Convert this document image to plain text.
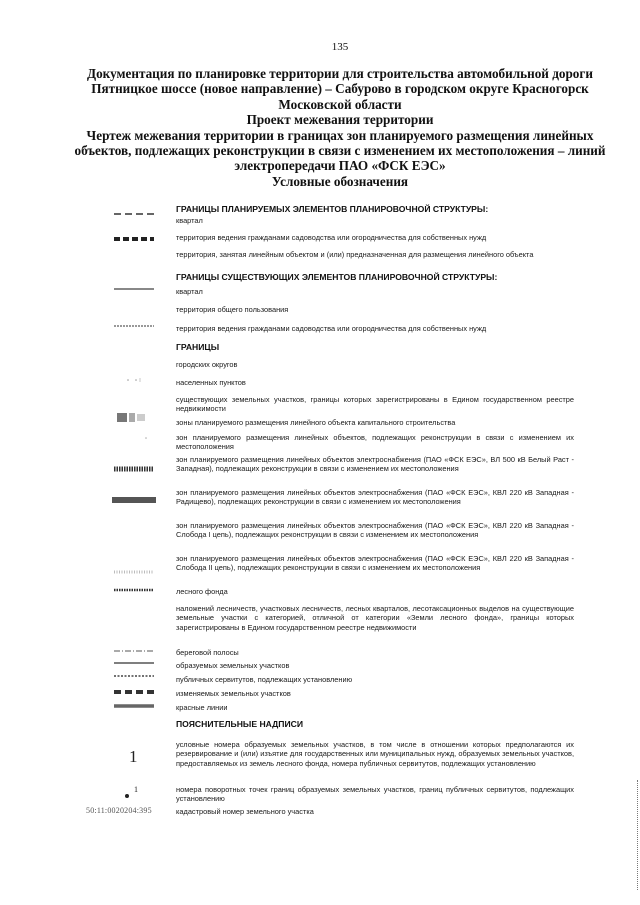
135
Документация по планировке территории для строительства автомобильной дороги
Пятницкое шоссе (новое направление) – Сабурово в городском округе Красногорск
Московской области
Проект межевания территории
Чертеж межевания территории в границах зон планируемого размещения линейных
объектов, подлежащих реконструкции в связи с изменением их местоположения – линий
электропередачи ПАО «ФСК ЕЭС»
Условные обозначения
ГРАНИЦЫ ПЛАНИРУЕМЫХ ЭЛЕМЕНТОВ ПЛАНИРОВОЧНОЙ СТРУКТУРЫ:
квартал
территория ведения гражданами садоводства или огородничества для собственных нужд
территория, занятая линейным объектом и (или) предназначенная для размещения линейного объекта
ГРАНИЦЫ СУЩЕСТВУЮЩИХ ЭЛЕМЕНТОВ ПЛАНИРОВОЧНОЙ СТРУКТУРЫ:
квартал
территория общего пользования
территория ведения гражданами садоводства или огородничества для собственных нужд
ГРАНИЦЫ
городских округов
населенных пунктов
существующих земельных участков, границы которых зарегистрированы в Едином государственном реестре недвижимости
зоны планируемого размещения линейного объекта капитального строительства
зон планируемого размещения линейных объектов, подлежащих реконструкции в связи с изменением их местоположения
зон планируемого размещения линейных объектов электроснабжения (ПАО «ФСК ЕЭС», ВЛ 500 кВ Белый Раст - Западная), подлежащих реконструкции в связи с изменением их местоположения
зон планируемого размещения линейных объектов электроснабжения (ПАО «ФСК ЕЭС», КВЛ 220 кВ Западная - Радищево), подлежащих реконструкции в связи с изменением их местоположения
зон планируемого размещения линейных объектов электроснабжения (ПАО «ФСК ЕЭС», КВЛ 220 кВ Западная - Слобода I цепь), подлежащих реконструкции в связи с изменением их местоположения
зон планируемого размещения линейных объектов электроснабжения (ПАО «ФСК ЕЭС», КВЛ 220 кВ Западная - Слобода II цепь), подлежащих реконструкции в связи с изменением их местоположения
лесного фонда
наложений лесничеств, участковых лесничеств, лесных кварталов, лесотаксационных выделов на существующие земельные участки с категорией, отличной от категории «Земли лесного фонда», границы которых зарегистрированы в Едином государственном реестре недвижимости
береговой полосы
образуемых земельных участков
публичных сервитутов, подлежащих установлению
изменяемых земельных участков
красные линии
ПОЯСНИТЕЛЬНЫЕ НАДПИСИ
1
условные номера образуемых земельных участков, в том числе в отношении которых предполагаются их резервирование и (или) изъятие для государственных или муниципальных нужд, образуемых земельных участков, предоставляемых из земель лесного фонда, номера публичных сервитутов, подлежащих установлению
1	номера поворотных точек границ образуемых земельных участков, границ публичных сервитутов, подлежащих установлению
50:11:0020204:395	кадастровый номер земельного участка
